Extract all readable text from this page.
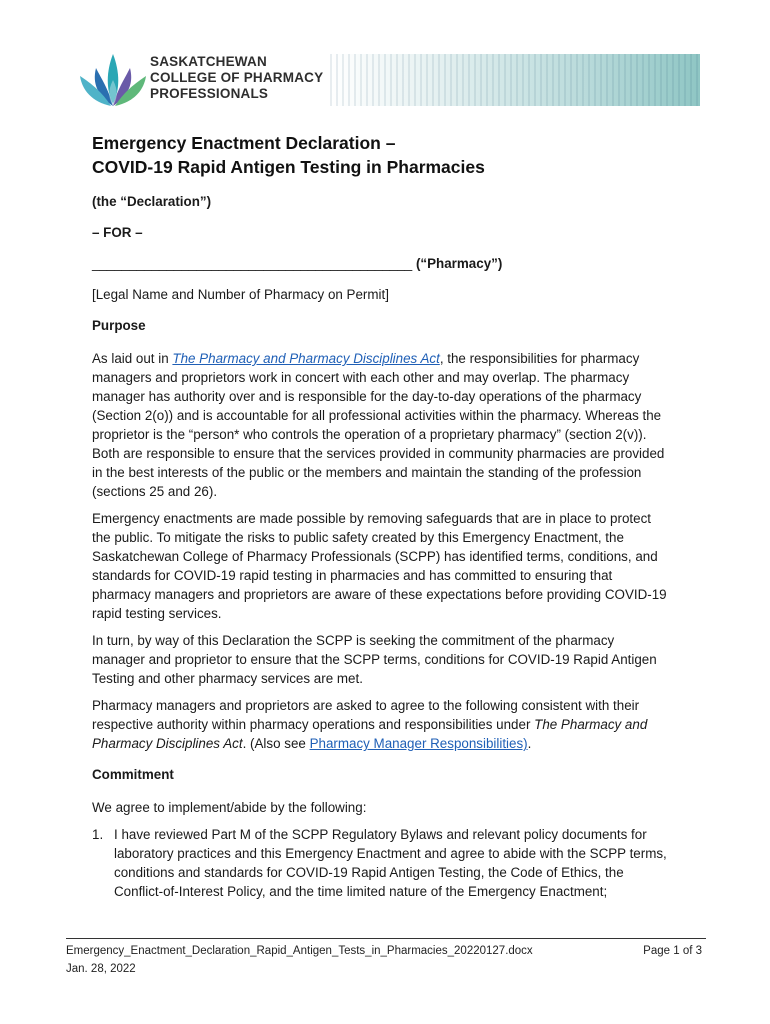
SASKATCHEWAN
COLLEGE OF PHARMACY
PROFESSIONALS
Emergency Enactment Declaration –
COVID-19 Rapid Antigen Testing in Pharmacies

(the “Declaration”)

– FOR –

___________________________________________ (“Pharmacy”)

[Legal Name and Number of Pharmacy on Permit]

Purpose

As laid out in The Pharmacy and Pharmacy Disciplines Act, the responsibilities for pharmacy managers and proprietors work in concert with each other and may overlap. The pharmacy manager has authority over and is responsible for the day-to-day operations of the pharmacy (Section 2(o)) and is accountable for all professional activities within the pharmacy. Whereas the proprietor is the “person* who controls the operation of a proprietary pharmacy” (section 2(v)). Both are responsible to ensure that the services provided in community pharmacies are provided in the best interests of the public or the members and maintain the standing of the profession (sections 25 and 26).

Emergency enactments are made possible by removing safeguards that are in place to protect the public. To mitigate the risks to public safety created by this Emergency Enactment, the Saskatchewan College of Pharmacy Professionals (SCPP) has identified terms, conditions, and standards for COVID-19 rapid testing in pharmacies and has committed to ensuring that pharmacy managers and proprietors are aware of these expectations before providing COVID-19 rapid testing services.

In turn, by way of this Declaration the SCPP is seeking the commitment of the pharmacy manager and proprietor to ensure that the SCPP terms, conditions for COVID-19 Rapid Antigen Testing and other pharmacy services are met.

Pharmacy managers and proprietors are asked to agree to the following consistent with their respective authority within pharmacy operations and responsibilities under The Pharmacy and Pharmacy Disciplines Act. (Also see Pharmacy Manager Responsibilities).

Commitment

We agree to implement/abide by the following:

1. I have reviewed Part M of the SCPP Regulatory Bylaws and relevant policy documents for laboratory practices and this Emergency Enactment and agree to abide with the SCPP terms, conditions and standards for COVID-19 Rapid Antigen Testing, the Code of Ethics, the Conflict-of-Interest Policy, and the time limited nature of the Emergency Enactment;
Emergency_Enactment_Declaration_Rapid_Antigen_Tests_in_Pharmacies_20220127.docx
Jan. 28, 2022
Page 1 of 3
